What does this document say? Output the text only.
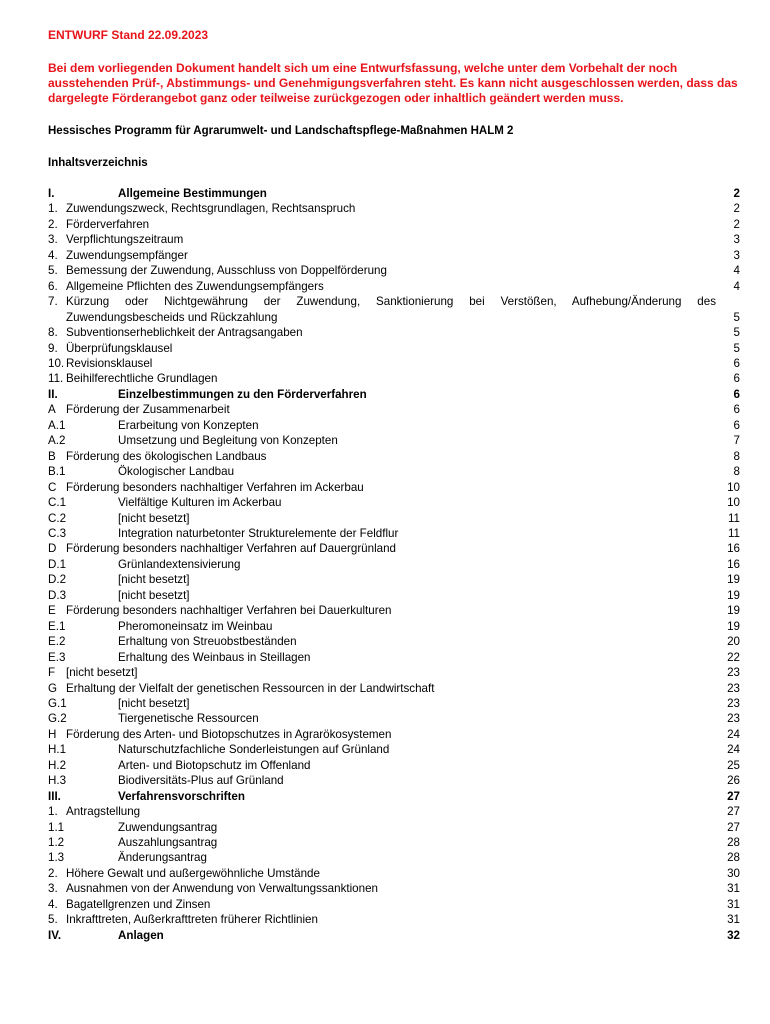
ENTWURF Stand 22.09.2023
Bei dem vorliegenden Dokument handelt sich um eine Entwurfsfassung, welche unter dem Vorbehalt der noch ausstehenden Prüf-, Abstimmungs- und Genehmigungsverfahren steht. Es kann nicht ausgeschlossen werden, dass das dargelegte Förderangebot ganz oder teilweise zurückgezogen oder inhaltlich geändert werden muss.
Hessisches Programm für Agrarumwelt- und Landschaftspflege-Maßnahmen HALM 2
Inhaltsverzeichnis
I.	Allgemeine Bestimmungen	2
1. Zuwendungszweck, Rechtsgrundlagen, Rechtsanspruch	2
2. Förderverfahren	2
3. Verpflichtungszeitraum	3
4. Zuwendungsempfänger	3
5. Bemessung der Zuwendung, Ausschluss von Doppelförderung	4
6. Allgemeine Pflichten des Zuwendungsempfängers	4
7. Kürzung oder Nichtgewährung der Zuwendung, Sanktionierung bei Verstößen, Aufhebung/Änderung des
Zuwendungsbescheids und Rückzahlung	5
8. Subventionserheblichkeit der Antragsangaben	5
9. Überprüfungsklausel	5
10. Revisionsklausel	6
11. Beihilferechtliche Grundlagen	6
II.	Einzelbestimmungen zu den Förderverfahren	6
A Förderung der Zusammenarbeit	6
A.1	Erarbeitung von Konzepten	6
A.2	Umsetzung und Begleitung von Konzepten	7
B Förderung des ökologischen Landbaus	8
B.1	Ökologischer Landbau	8
C Förderung besonders nachhaltiger Verfahren im Ackerbau	10
C.1	Vielfältige Kulturen im Ackerbau	10
C.2	[nicht besetzt]	11
C.3	Integration naturbetonter Strukturelemente der Feldflur	11
D Förderung besonders nachhaltiger Verfahren auf Dauergrünland	16
D.1	Grünlandextensivierung	16
D.2	[nicht besetzt]	19
D.3	[nicht besetzt]	19
E Förderung besonders nachhaltiger Verfahren bei Dauerkulturen	19
E.1	Pheromoneinsatz im Weinbau	19
E.2	Erhaltung von Streuobstbeständen	20
E.3	Erhaltung des Weinbaus in Steillagen	22
F [nicht besetzt]	23
G Erhaltung der Vielfalt der genetischen Ressourcen in der Landwirtschaft	23
G.1	[nicht besetzt]	23
G.2	Tiergenetische Ressourcen	23
H Förderung des Arten- und Biotopschutzes in Agrarökosystemen	24
H.1	Naturschutzfachliche Sonderleistungen auf Grünland	24
H.2	Arten- und Biotopschutz im Offenland	25
H.3	Biodiversitäts-Plus auf Grünland	26
III.	Verfahrensvorschriften	27
1. Antragstellung	27
1.1	Zuwendungsantrag	27
1.2	Auszahlungsantrag	28
1.3	Änderungsantrag	28
2. Höhere Gewalt und außergewöhnliche Umstände	30
3. Ausnahmen von der Anwendung von Verwaltungssanktionen	31
4. Bagatellgrenzen und Zinsen	31
5. Inkrafttreten, Außerkrafttreten früherer Richtlinien	31
IV.	Anlagen	32
